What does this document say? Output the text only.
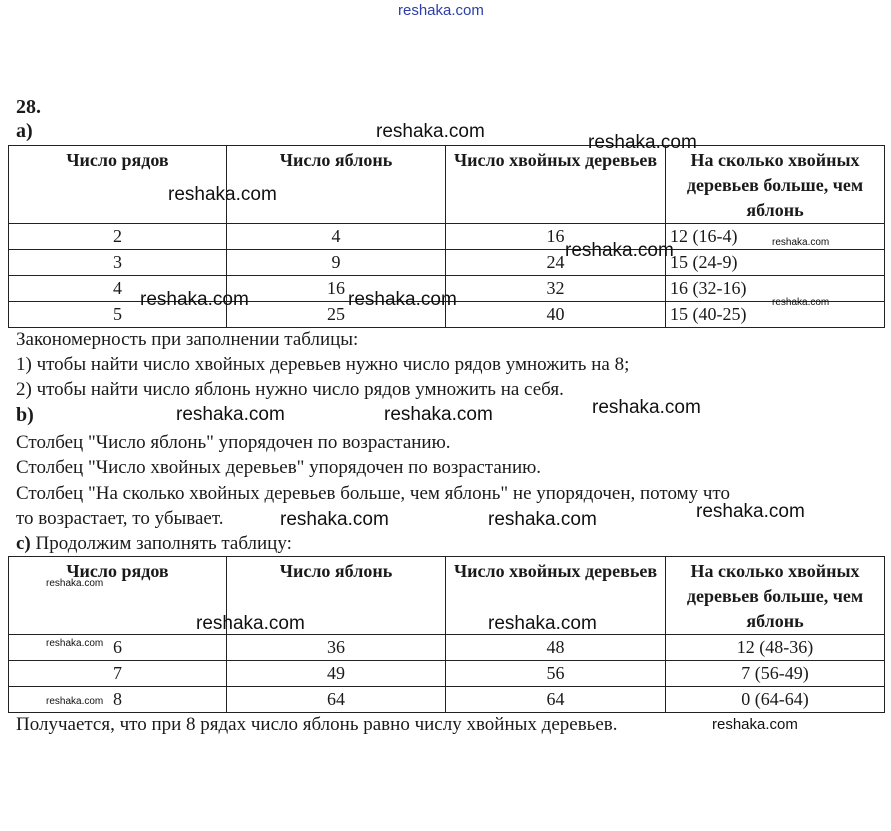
reshaka.com
28.
a)
Число рядов	Число яблонь	Число хвойных деревьев	На сколько хвойных деревьев больше, чем яблонь
2	4	16	12 (16-4)
3	9	24	15 (24-9)
4	16	32	16 (32-16)
5	25	40	15 (40-25)
Закономерность при заполнении таблицы:
1) чтобы найти число хвойных деревьев нужно число рядов умножить на 8;
2) чтобы найти число яблонь нужно число рядов умножить на себя.
b)
Столбец "Число яблонь" упорядочен по возрастанию.
Столбец "Число хвойных деревьев" упорядочен по возрастанию.
Столбец "На сколько хвойных деревьев больше, чем яблонь" не упорядочен, потому что
то возрастает, то убывает.
c) Продолжим заполнять таблицу:
Число рядов	Число яблонь	Число хвойных деревьев	На сколько хвойных деревьев больше, чем яблонь
6	36	48	12 (48-36)
7	49	56	7 (56-49)
8	64	64	0 (64-64)
Получается, что при 8 рядах число яблонь равно числу хвойных деревьев.
reshaka.com
reshaka.com
reshaka.com
reshaka.com	reshaka.com
reshaka.com	reshaka.com	reshaka.com
reshaka.com	reshaka.com	reshaka.com
reshaka.com
reshaka.com	reshaka.com
reshaka.com
reshaka.com	reshaka.com
reshaka.com
reshaka.com
reshaka.com
